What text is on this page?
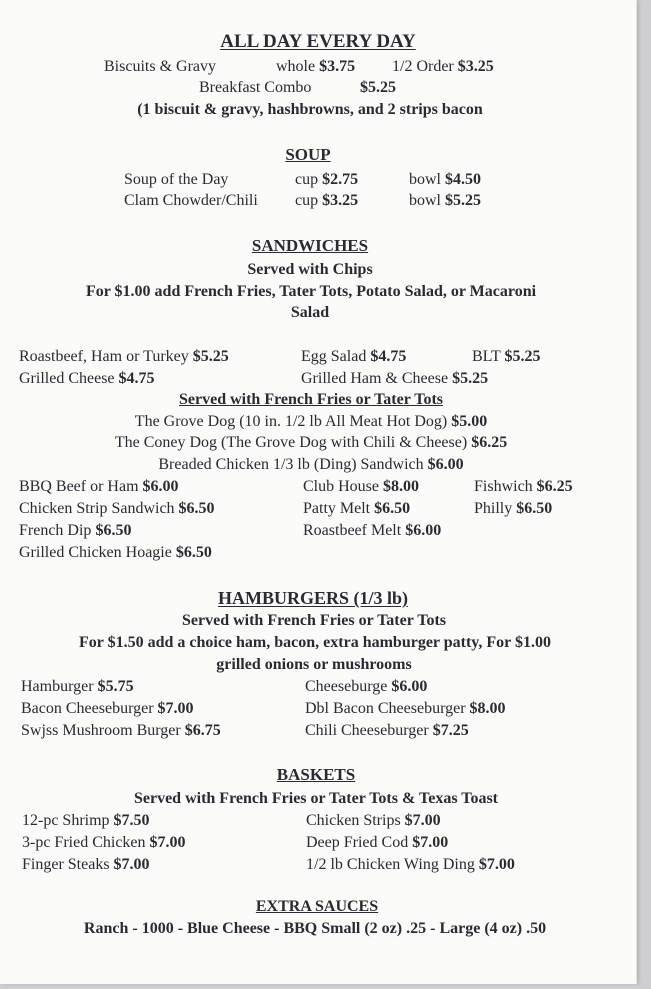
ALL DAY EVERY DAY
Biscuits & Gravy	whole $3.75 1/2 Order $3.25
Breakfast Combo	$5.25
(1 biscuit & gravy, hashbrowns, and 2 strips bacon
SOUP
Soup of the Day	cup $2.75	bowl $4.50
Clam Chowder/Chili cup $3.25	bowl $5.25
SANDWICHES
Served with Chips
For $1.00 add French Fries, Tater Tots, Potato Salad, or Macaroni
Salad
Roastbeef, Ham or Turkey $5.25	Egg Salad $4.75	BLT $5.25
Grilled Cheese $4.75	Grilled Ham & Cheese $5.25
Served with French Fries or Tater Tots
The Grove Dog (10 in. 1/2 lb All Meat Hot Dog) $5.00
The Coney Dog (The Grove Dog with Chili & Cheese) $6.25
Breaded Chicken 1/3 lb (Ding) Sandwich $6.00
BBQ Beef or Ham $6.00	Club House $8.00	Fishwich $6.25
Chicken Strip Sandwich $6.50	Patty Melt $6.50	Philly $6.50
French Dip $6.50	Roastbeef Melt $6.00
Grilled Chicken Hoagie $6.50
HAMBURGERS (1/3 lb)
Served with French Fries or Tater Tots
For $1.50 add a choice ham, bacon, extra hamburger patty, For $1.00
grilled onions or mushrooms
Hamburger $5.75	Cheeseburge $6.00
Bacon Cheeseburger $7.00	Dbl Bacon Cheeseburger $8.00
Swjss Mushroom Burger $6.75	Chili Cheeseburger $7.25
BASKETS
Served with French Fries or Tater Tots & Texas Toast
12-pc Shrimp $7.50	Chicken Strips $7.00
3-pc Fried Chicken $7.00	Deep Fried Cod $7.00
Finger Steaks $7.00	1/2 lb Chicken Wing Ding $7.00
EXTRA SAUCES
Ranch - 1000 - Blue Cheese - BBQ Small (2 oz) .25 - Large (4 oz) .50
